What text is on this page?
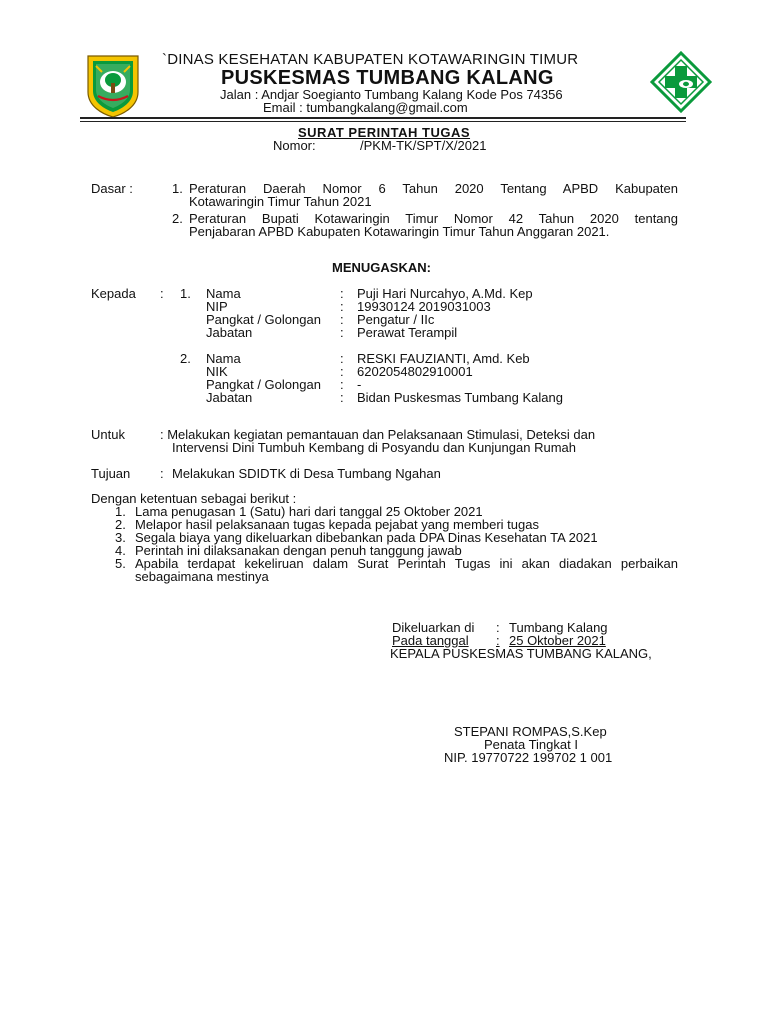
`DINAS KESEHATAN KABUPATEN KOTAWARINGIN TIMUR
PUSKESMAS TUMBANG KALANG
Jalan : Andjar Soegianto Tumbang Kalang Kode Pos 74356
Email : tumbangkalang@gmail.com
SURAT PERINTAH TUGAS
Nomor:	/PKM-TK/SPT/X/2021
Dasar :	1. Peraturan Daerah Nomor 6 Tahun 2020 Tentang APBD Kabupaten
Kotawaringin Timur Tahun 2021
2. Peraturan Bupati Kotawaringin Timur Nomor 42 Tahun 2020 tentang
Penjabaran APBD Kabupaten Kotawaringin Timur Tahun Anggaran 2021.
MENUGASKAN:
Kepada : 1. Nama	: Puji Hari Nurcahyo, A.Md. Kep
NIP	: 19930124 2019031003
Pangkat / Golongan : Pengatur / IIc
Jabatan	: Perawat Terampil
2. Nama	: RESKI FAUZIANTI, Amd. Keb
NIK	: 6202054802910001
Pangkat / Golongan : -
Jabatan	: Bidan Puskesmas Tumbang Kalang
Untuk	: Melakukan kegiatan pemantauan dan Pelaksanaan Stimulasi, Deteksi dan
Intervensi Dini Tumbuh Kembang di Posyandu dan Kunjungan Rumah
Tujuan : Melakukan SDIDTK di Desa Tumbang Ngahan
Dengan ketentuan sebagai berikut :
1. Lama penugasan 1 (Satu) hari dari tanggal 25 Oktober 2021
2. Melapor hasil pelaksanaan tugas kepada pejabat yang memberi tugas
3. Segala biaya yang dikeluarkan dibebankan pada DPA Dinas Kesehatan TA 2021
4. Perintah ini dilaksanakan dengan penuh tanggung jawab
5. Apabila terdapat kekeliruan dalam Surat Perintah Tugas ini akan diadakan perbaikan
sebagaimana mestinya
Dikeluarkan di : Tumbang Kalang
Pada tanggal	: 25 Oktober 2021
KEPALA PUSKESMAS TUMBANG KALANG,
STEPANI ROMPAS,S.Kep
Penata Tingkat I
NIP. 19770722 199702 1 001
